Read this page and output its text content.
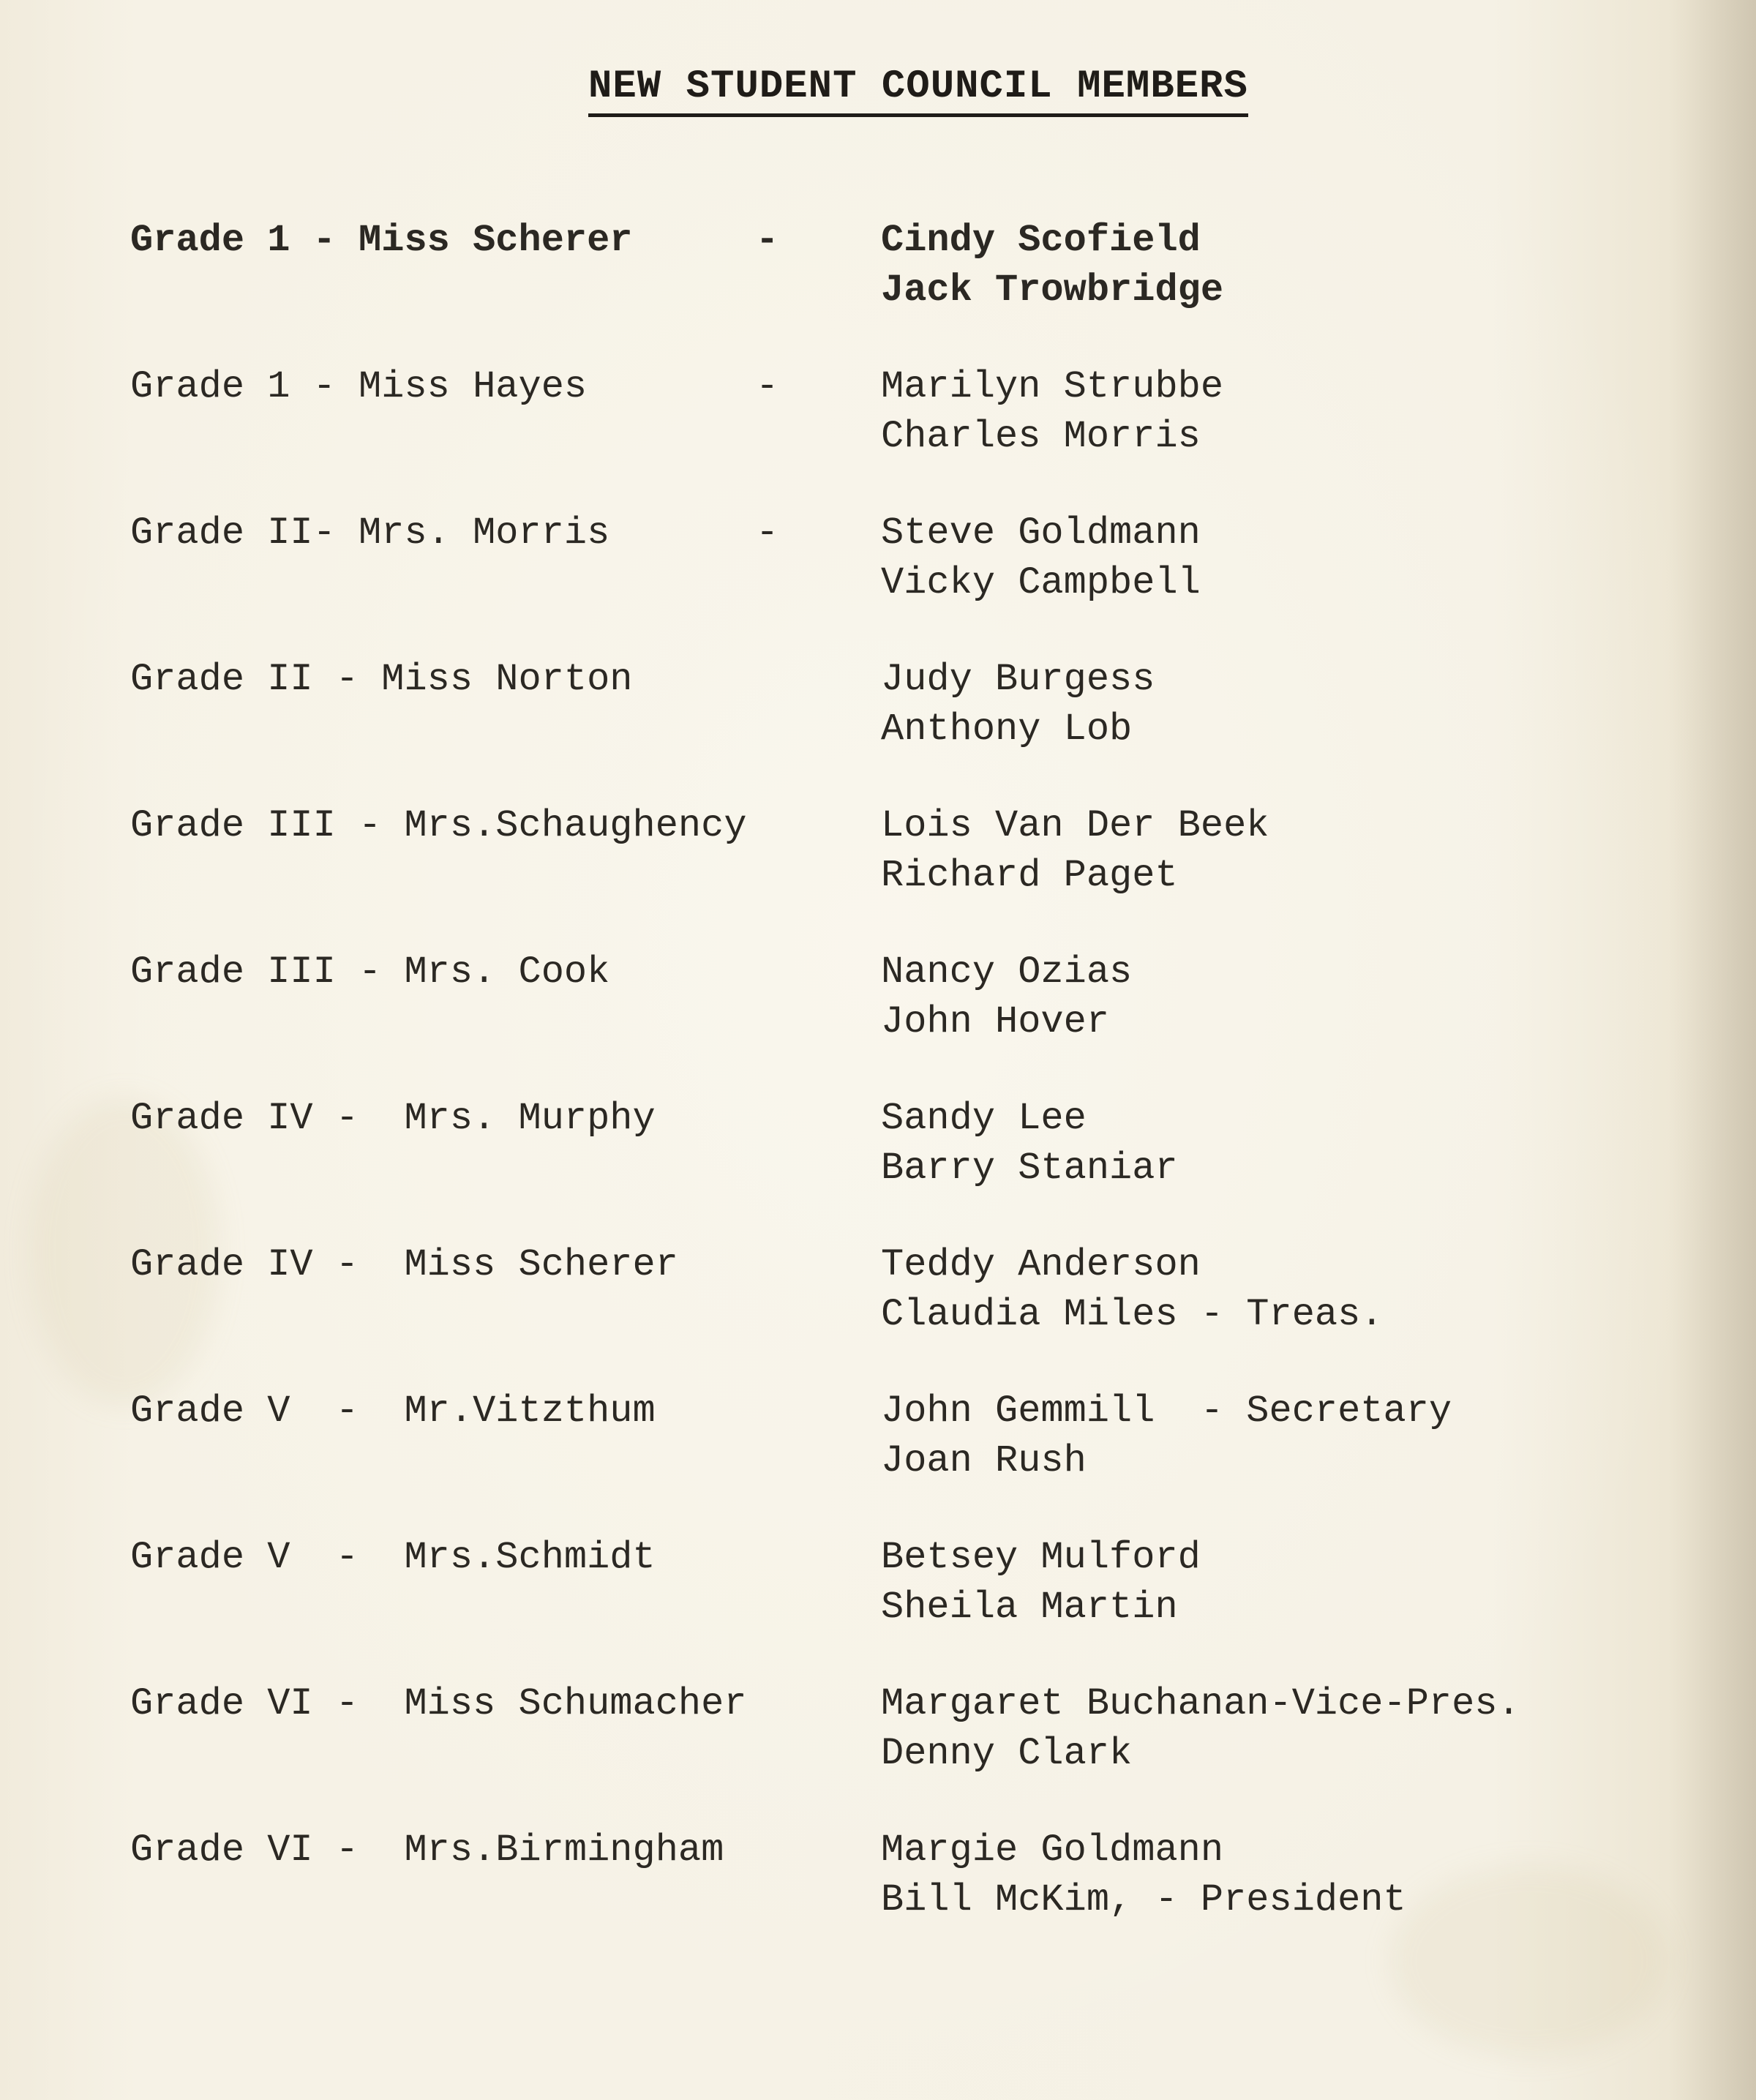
NEW STUDENT COUNCIL MEMBERS
Grade 1 - Miss Scherer	-	Cindy Scofield
Jack Trowbridge
Grade 1 - Miss Hayes	-	Marilyn Strubbe
Charles Morris
Grade II- Mrs. Morris	-	Steve Goldmann
Vicky Campbell
Grade II - Miss Norton	Judy Burgess
Anthony Lob
Grade III - Mrs.Schaughency	Lois Van Der Beek
Richard Paget
Grade III - Mrs. Cook	Nancy Ozias
John Hover
Grade IV -  Mrs. Murphy	Sandy Lee
Barry Staniar
Grade IV -  Miss Scherer	Teddy Anderson
Claudia Miles - Treas.
Grade V  -  Mr.Vitzthum	John Gemmill  - Secretary
Joan Rush
Grade V  -  Mrs.Schmidt	Betsey Mulford
Sheila Martin
Grade VI -  Miss Schumacher	Margaret Buchanan-Vice-Pres.
Denny Clark
Grade VI -  Mrs.Birmingham	Margie Goldmann
Bill McKim, - President
